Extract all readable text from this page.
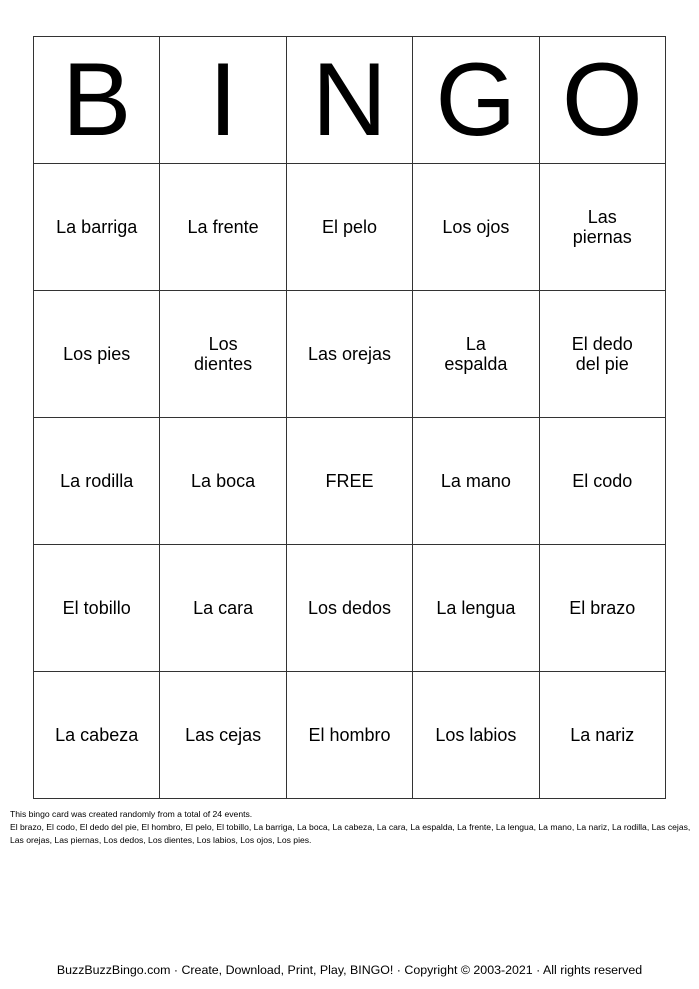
B	I	N	G	O
La barriga	La frente	El pelo	Los ojos	Las piernas
Los pies	Los dientes	Las orejas	La espalda	El dedo del pie
La rodilla	La boca	FREE	La mano	El codo
El tobillo	La cara	Los dedos	La lengua	El brazo
La cabeza	Las cejas	El hombro	Los labios	La nariz
This bingo card was created randomly from a total of 24 events.
El brazo, El codo, El dedo del pie, El hombro, El pelo, El tobillo, La barriga, La boca, La cabeza, La cara, La espalda, La frente, La lengua, La mano, La nariz, La rodilla, Las cejas, Las orejas, Las piernas, Los dedos, Los dientes, Los labios, Los ojos, Los pies.
BuzzBuzzBingo.com · Create, Download, Print, Play, BINGO! · Copyright © 2003-2021 · All rights reserved
